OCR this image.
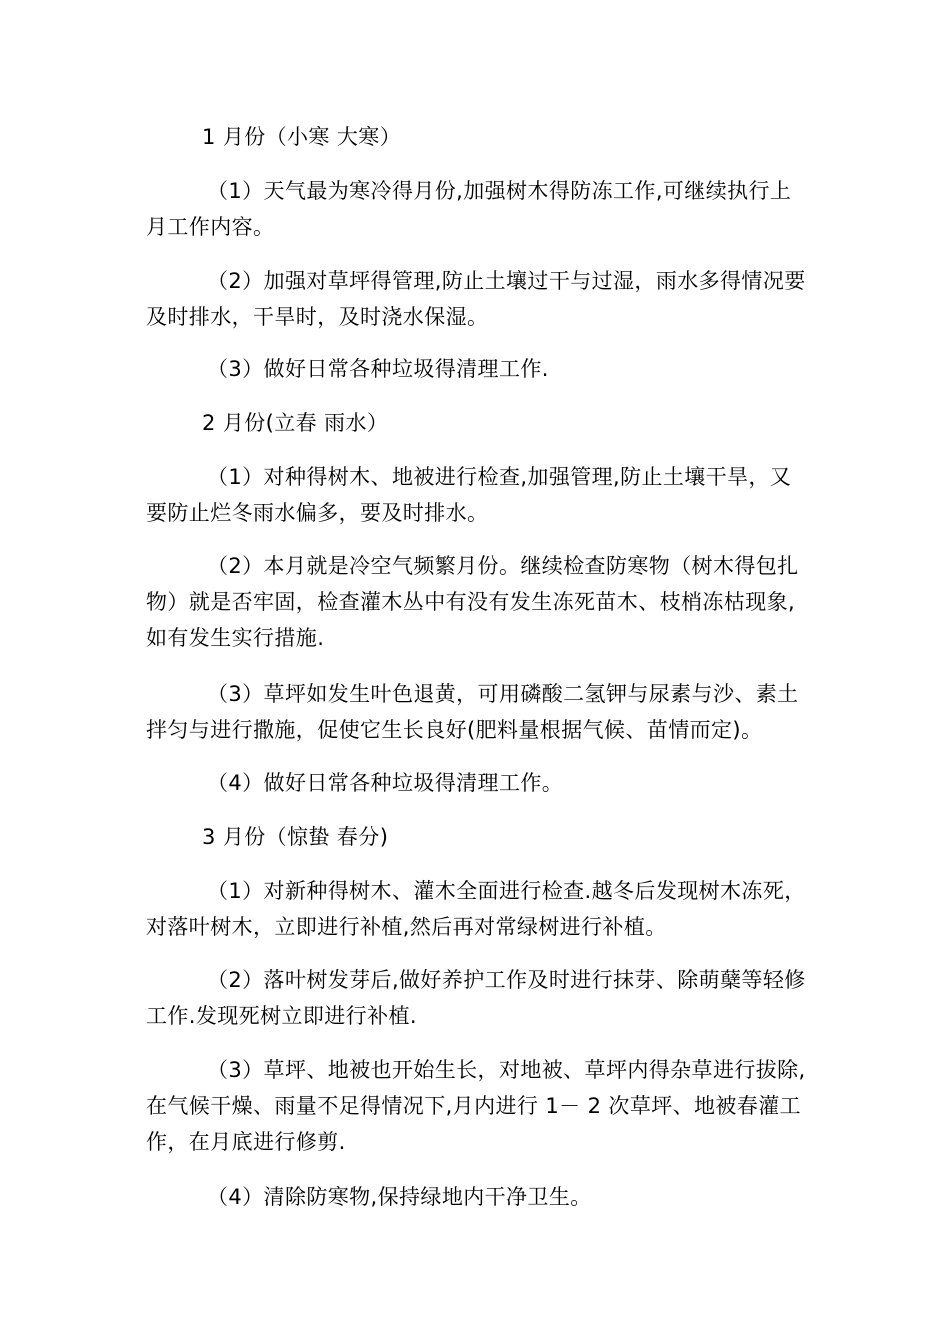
1 月份（小寒 大寒）
（1）天气最为寒冷得月份,加强树木得防冻工作,可继续执行上月工作内容。
（2）加强对草坪得管理,防止土壤过干与过湿，雨水多得情况要及时排水，干旱时，及时浇水保湿。
（3）做好日常各种垃圾得清理工作.
2 月份(立春 雨水）
（1）对种得树木、地被进行检查,加强管理,防止土壤干旱，又要防止烂冬雨水偏多，要及时排水。
（2）本月就是冷空气频繁月份。继续检查防寒物（树木得包扎物）就是否牢固，检查灌木丛中有没有发生冻死苗木、枝梢冻枯现象,如有发生实行措施.
（3）草坪如发生叶色退黄，可用磷酸二氢钾与尿素与沙、素土拌匀与进行撒施，促使它生长良好(肥料量根据气候、苗情而定)。
（4）做好日常各种垃圾得清理工作。
3 月份（惊蛰 春分)
（1）对新种得树木、灌木全面进行检查.越冬后发现树木冻死，对落叶树木，立即进行补植,然后再对常绿树进行补植。
（2）落叶树发芽后,做好养护工作及时进行抹芽、除萌蘖等轻修工作.发现死树立即进行补植.
（3）草坪、地被也开始生长，对地被、草坪内得杂草进行拔除,在气候干燥、雨量不足得情况下,月内进行 1－ 2 次草坪、地被春灌工作，在月底进行修剪.
（4）清除防寒物,保持绿地内干净卫生。
